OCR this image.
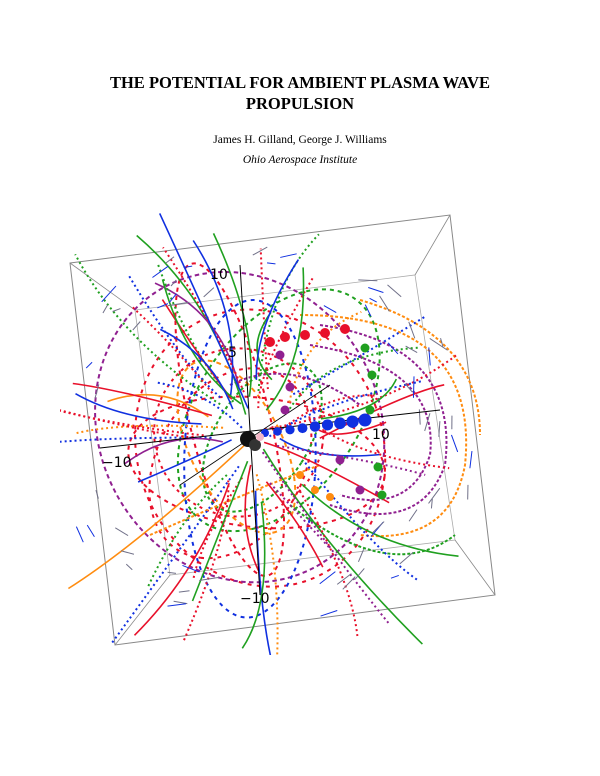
THE POTENTIAL FOR AMBIENT PLASMA WAVE
PROPULSION
James H. Gilland, George J. Williams
Ohio Aerospace Institute
10
5
10
−10
−10
